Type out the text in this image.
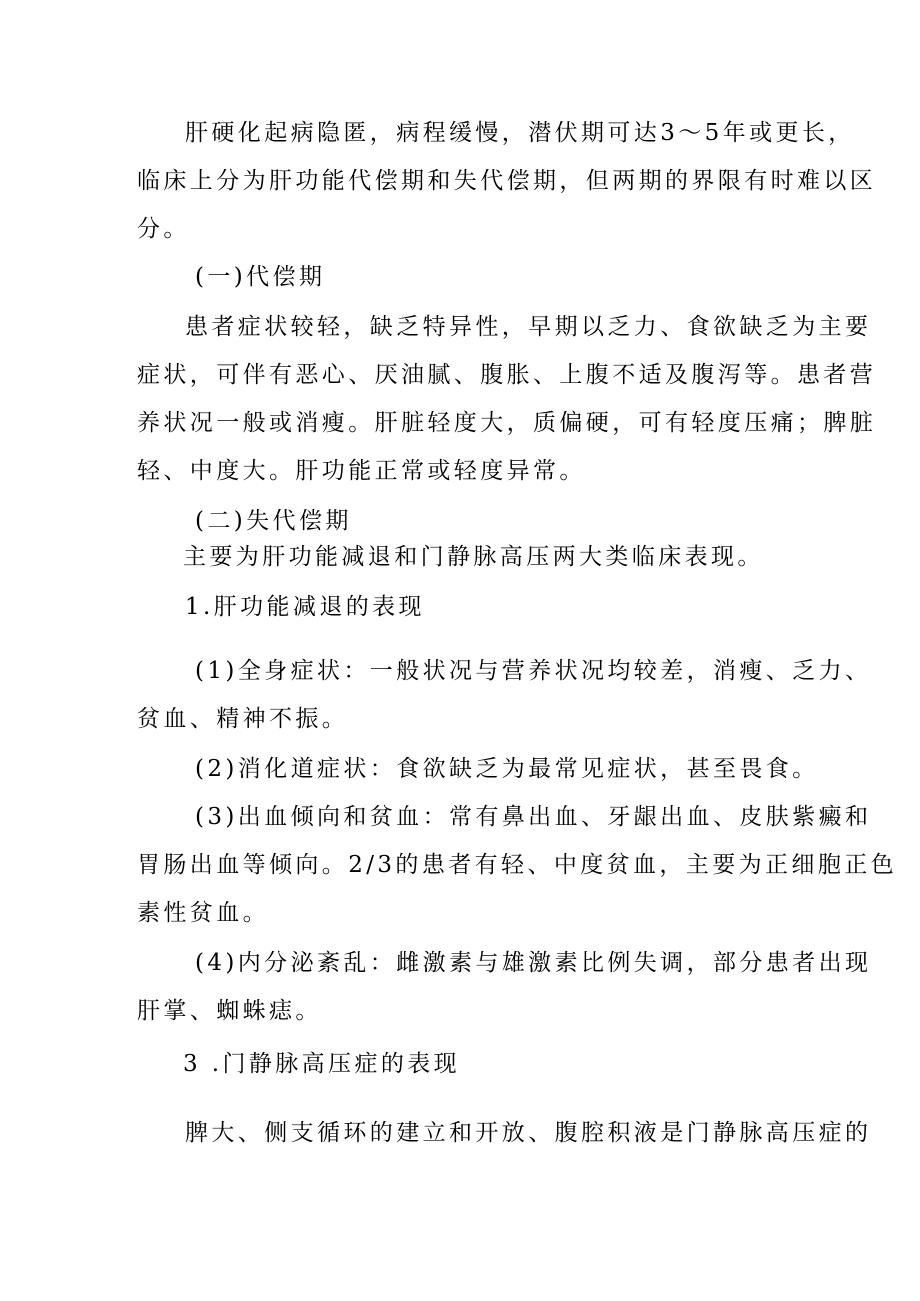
肝硬化起病隐匿，病程缓慢，潜伏期可达3～5年或更长，
临床上分为肝功能代偿期和失代偿期，但两期的界限有时难以区
分。
(一)代偿期
患者症状较轻，缺乏特异性，早期以乏力、食欲缺乏为主要
症状，可伴有恶心、厌油腻、腹胀、上腹不适及腹泻等。患者营
养状况一般或消瘦。肝脏轻度大，质偏硬，可有轻度压痛；脾脏
轻、中度大。肝功能正常或轻度异常。
(二)失代偿期
主要为肝功能减退和门静脉高压两大类临床表现。
1.肝功能减退的表现
(1)全身症状：一般状况与营养状况均较差，消瘦、乏力、
贫血、精神不振。
(2)消化道症状：食欲缺乏为最常见症状，甚至畏食。
(3)出血倾向和贫血：常有鼻出血、牙龈出血、皮肤紫癜和
胃肠出血等倾向。2/3的患者有轻、中度贫血，主要为正细胞正色
素性贫血。
(4)内分泌紊乱：雌激素与雄激素比例失调，部分患者出现
肝掌、蜘蛛痣。
3 .门静脉高压症的表现
脾大、侧支循环的建立和开放、腹腔积液是门静脉高压症的
